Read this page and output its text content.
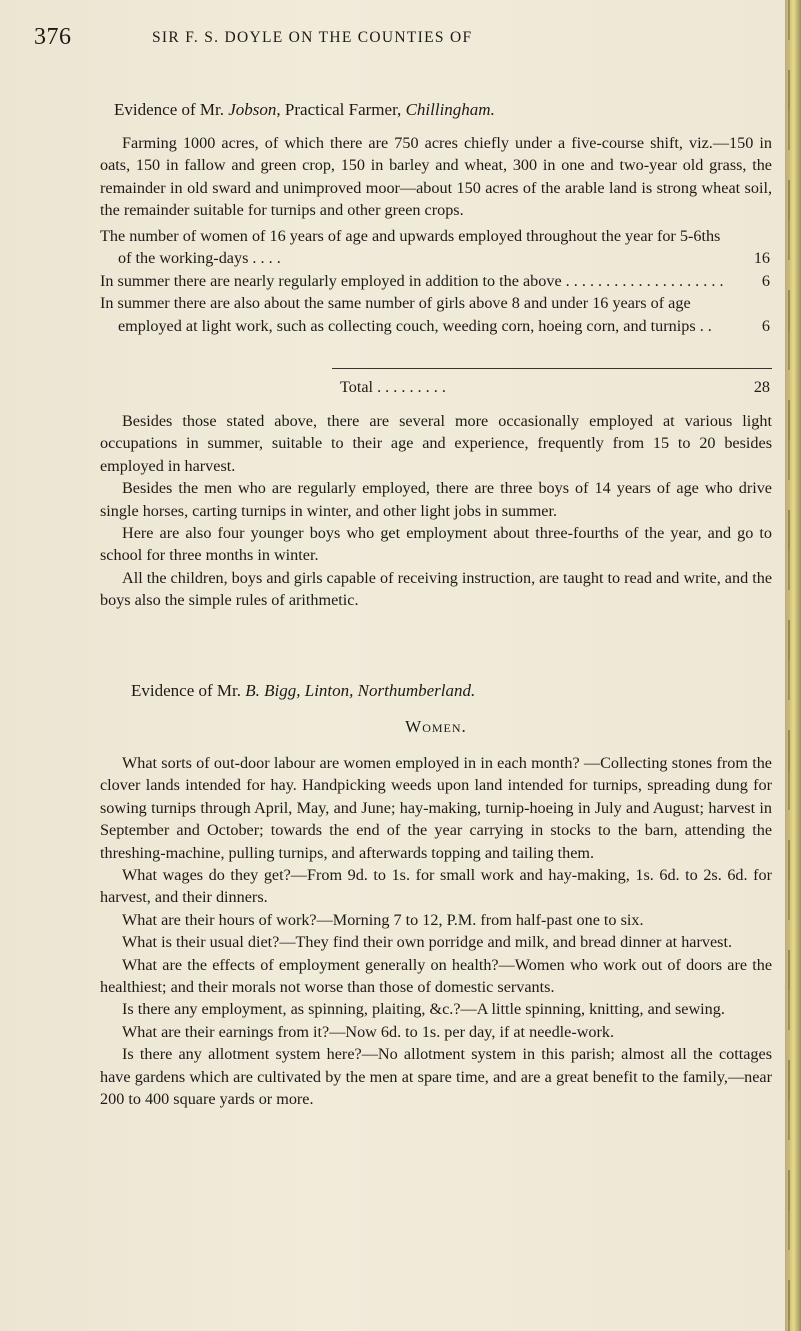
376	SIR F. S. DOYLE ON THE COUNTIES OF
Evidence of Mr. Jobson, Practical Farmer, Chillingham.

Farming 1000 acres, of which there are 750 acres chiefly under a five-course shift, viz.—150 in oats, 150 in fallow and green crop, 150 in barley and wheat, 300 in one and two-year old grass, the remainder in old sward and unimproved moor—about 150 acres of the arable land is strong wheat soil, the remainder suitable for turnips and other green crops.

The number of women of 16 years of age and upwards employed throughout the year for 5-6ths of the working-days . . . .	16
In summer there are nearly regularly employed in addition to the above . . . . . . . . . . . . . . . . . . . . 6
In summer there are also about the same number of girls above 8 and under 16 years of age employed at light work, such as collecting couch, weeding corn, hoeing corn, and turnips . .	6
Total . . . . . . . . .	28

Besides those stated above, there are several more occasionally employed at various light occupations in summer, suitable to their age and experience, frequently from 15 to 20 besides employed in harvest.

Besides the men who are regularly employed, there are three boys of 14 years of age who drive single horses, carting turnips in winter, and other light jobs in summer.

Here are also four younger boys who get employment about three-fourths of the year, and go to school for three months in winter.

All the children, boys and girls capable of receiving instruction, are taught to read and write, and the boys also the simple rules of arithmetic.

Evidence of Mr. B. Bigg, Linton, Northumberland.
Women.

What sorts of out-door labour are women employed in in each month? —Collecting stones from the clover lands intended for hay. Handpicking weeds upon land intended for turnips, spreading dung for sowing turnips through April, May, and June; hay-making, turnip-hoeing in July and August; harvest in September and October; towards the end of the year carrying in stocks to the barn, attending the threshing-machine, pulling turnips, and afterwards topping and tailing them.

What wages do they get?—From 9d. to 1s. for small work and hay-making, 1s. 6d. to 2s. 6d. for harvest, and their dinners.

What are their hours of work?—Morning 7 to 12, P.M. from half-past one to six.

What is their usual diet?—They find their own porridge and milk, and bread dinner at harvest.

What are the effects of employment generally on health?—Women who work out of doors are the healthiest; and their morals not worse than those of domestic servants.

Is there any employment, as spinning, plaiting, &c.?—A little spinning, knitting, and sewing.

What are their earnings from it?—Now 6d. to 1s. per day, if at needle-work.

Is there any allotment system here?—No allotment system in this parish; almost all the cottages have gardens which are cultivated by the men at spare time, and are a great benefit to the family,—near 200 to 400 square yards or more.
